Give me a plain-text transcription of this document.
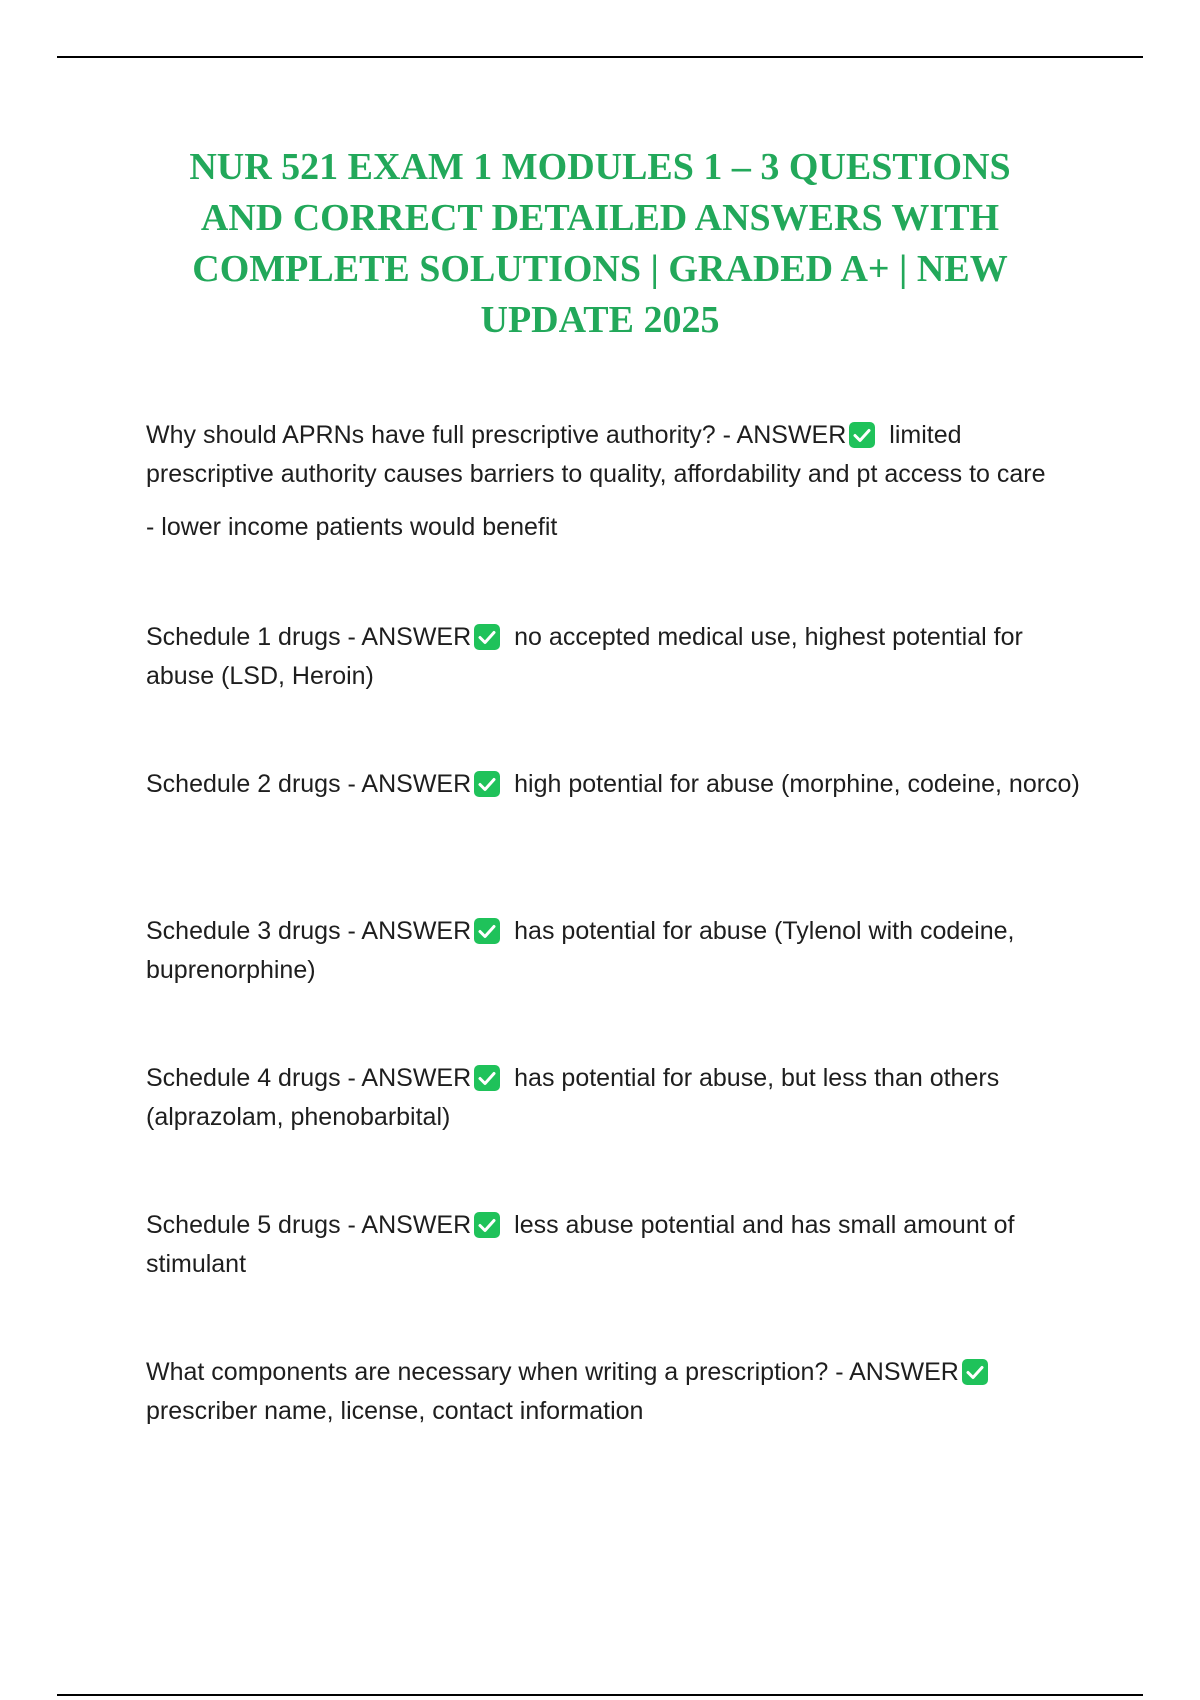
NUR 521 EXAM 1 MODULES 1 – 3 QUESTIONS AND CORRECT DETAILED ANSWERS WITH COMPLETE SOLUTIONS | GRADED A+ | NEW UPDATE 2025

Why should APRNs have full prescriptive authority? - ANSWER limited prescriptive authority causes barriers to quality, affordability and pt access to care
- lower income patients would benefit

Schedule 1 drugs - ANSWER no accepted medical use, highest potential for abuse (LSD, Heroin)

Schedule 2 drugs - ANSWER high potential for abuse (morphine, codeine, norco)

Schedule 3 drugs - ANSWER has potential for abuse (Tylenol with codeine, buprenorphine)

Schedule 4 drugs - ANSWER has potential for abuse, but less than others (alprazolam, phenobarbital)

Schedule 5 drugs - ANSWER less abuse potential and has small amount of stimulant

What components are necessary when writing a prescription? - ANSWER
prescriber name, license, contact information
